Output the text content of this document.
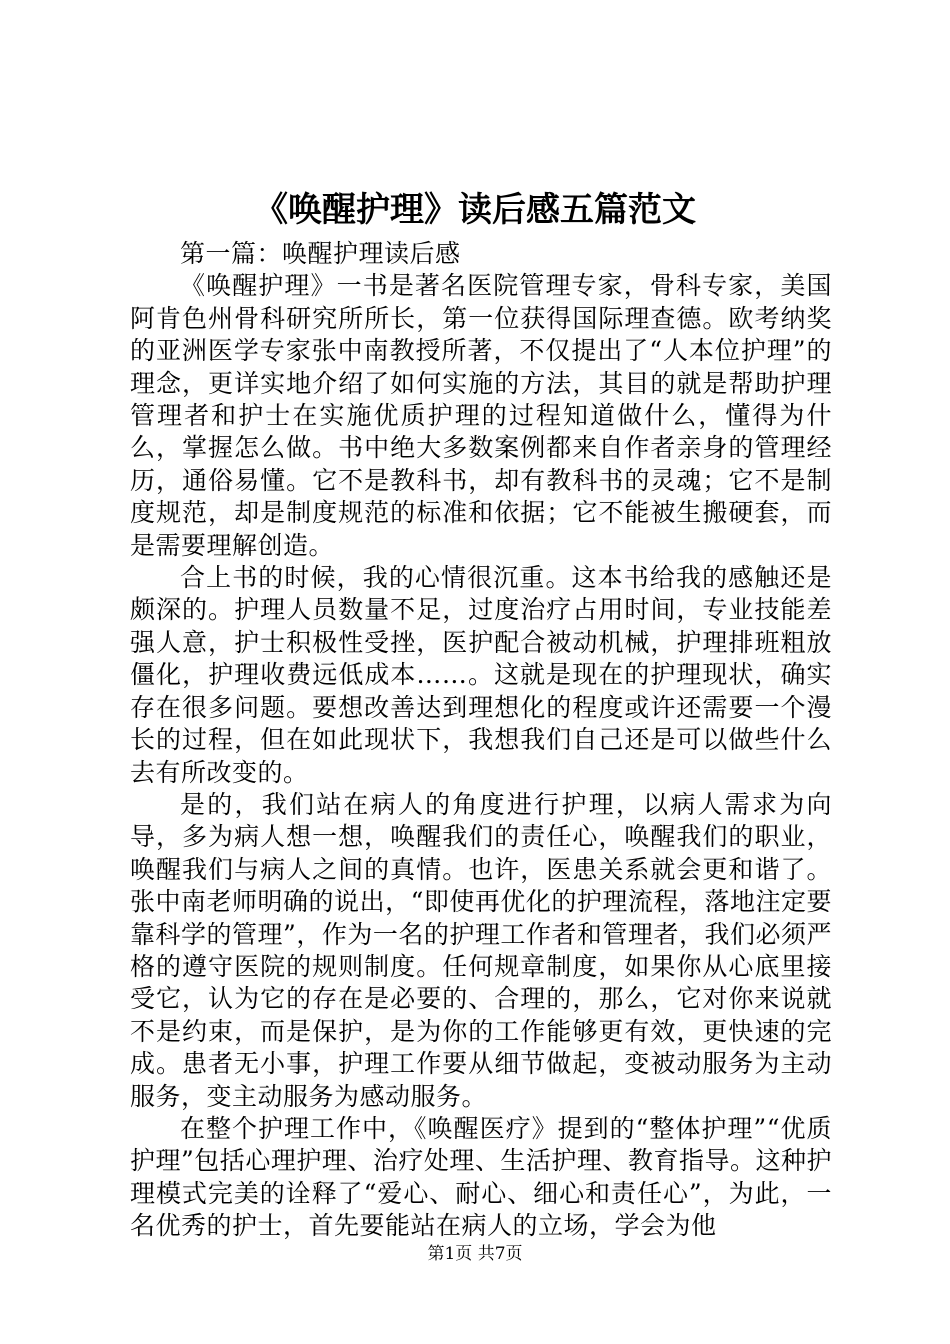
《唤醒护理》读后感五篇范文

第一篇：唤醒护理读后感

《唤醒护理》一书是著名医院管理专家，骨科专家，美国阿肯色州骨科研究所所长，第一位获得国际理查德。欧考纳奖的亚洲医学专家张中南教授所著，不仅提出了“人本位护理”的理念，更详实地介绍了如何实施的方法，其目的就是帮助护理管理者和护士在实施优质护理的过程知道做什么，懂得为什么，掌握怎么做。书中绝大多数案例都来自作者亲身的管理经历，通俗易懂。它不是教科书，却有教科书的灵魂；它不是制度规范，却是制度规范的标准和依据；它不能被生搬硬套，而是需要理解创造。

合上书的时候，我的心情很沉重。这本书给我的感触还是颇深的。护理人员数量不足，过度治疗占用时间，专业技能差强人意，护士积极性受挫，医护配合被动机械，护理排班粗放僵化，护理收费远低成本……。这就是现在的护理现状，确实存在很多问题。要想改善达到理想化的程度或许还需要一个漫长的过程，但在如此现状下，我想我们自己还是可以做些什么去有所改变的。

是的，我们站在病人的角度进行护理，以病人需求为向导，多为病人想一想，唤醒我们的责任心，唤醒我们的职业，唤醒我们与病人之间的真情。也许，医患关系就会更和谐了。张中南老师明确的说出，“即使再优化的护理流程，落地注定要靠科学的管理”，作为一名的护理工作者和管理者，我们必须严格的遵守医院的规则制度。任何规章制度，如果你从心底里接受它，认为它的存在是必要的、合理的，那么，它对你来说就不是约束，而是保护，是为你的工作能够更有效，更快速的完成。患者无小事，护理工作要从细节做起，变被动服务为主动服务，变主动服务为感动服务。

在整个护理工作中，《唤醒医疗》提到的“整体护理”“优质护理”包括心理护理、治疗处理、生活护理、教育指导。这种护理模式完美的诠释了“爱心、耐心、细心和责任心”，为此，一名优秀的护士，首先要能站在病人的立场，学会为他

第1页 共7页
